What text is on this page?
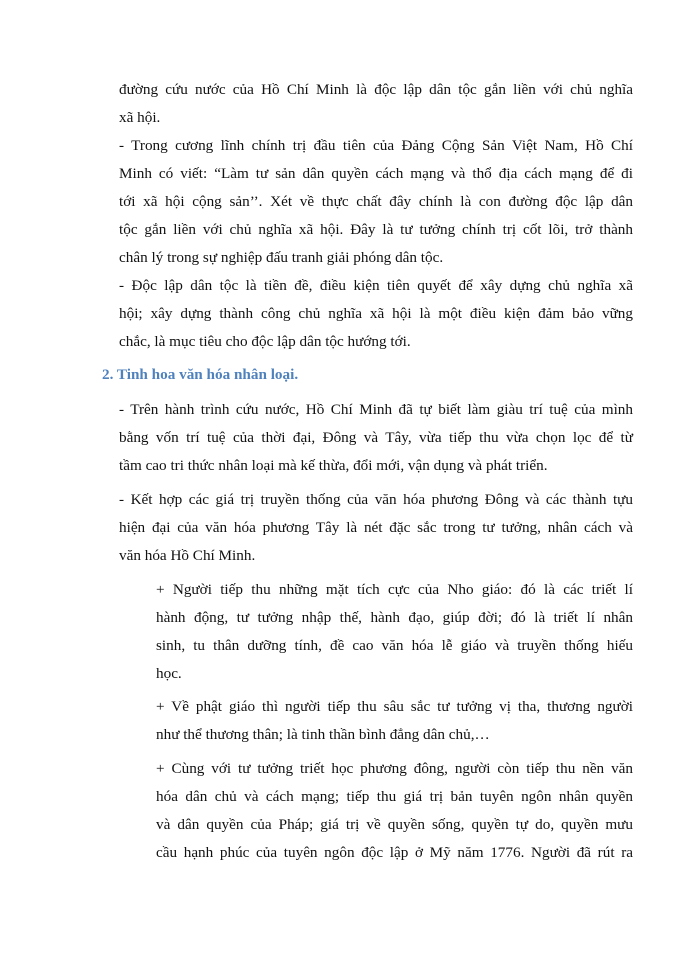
đường cứu nước của Hồ Chí Minh là độc lập dân tộc gắn liền với chủ nghĩa
xã hội.
- Trong cương lĩnh chính trị đầu tiên của Đảng Cộng Sản Việt Nam, Hồ Chí
Minh có viết: “Làm tư sản dân quyền cách mạng và thổ địa cách mạng để đi
tới xã hội cộng sản’’. Xét về thực chất đây chính là con đường độc lập dân
tộc gắn liền với chủ nghĩa xã hội. Đây là tư tưởng chính trị cốt lõi, trở thành
chân lý trong sự nghiệp đấu tranh giải phóng dân tộc.
- Độc lập dân tộc là tiền đề, điều kiện tiên quyết để xây dựng chủ nghĩa xã
hội; xây dựng thành công chủ nghĩa xã hội là một điều kiện đảm bảo vững
chắc, là mục tiêu cho độc lập dân tộc hướng tới.
2. Tinh hoa văn hóa nhân loại.
- Trên hành trình cứu nước, Hồ Chí Minh đã tự biết làm giàu trí tuệ của mình
bằng vốn trí tuệ của thời đại, Đông và Tây, vừa tiếp thu vừa chọn lọc để từ
tầm cao tri thức nhân loại mà kế thừa, đổi mới, vận dụng và phát triển.
- Kết hợp các giá trị truyền thống của văn hóa phương Đông và các thành tựu
hiện đại của văn hóa phương Tây là nét đặc sắc trong tư tưởng, nhân cách và
văn hóa Hồ Chí Minh.
+ Người tiếp thu những mặt tích cực của Nho giáo: đó là các triết lí
hành động, tư tưởng nhập thế, hành đạo, giúp đời; đó là triết lí nhân
sinh, tu thân dưỡng tính, đề cao văn hóa lễ giáo và truyền thống hiếu
học.
+ Về phật giáo thì người tiếp thu sâu sắc tư tưởng vị tha, thương người
như thể thương thân; là tinh thần bình đẳng dân chủ,…
+ Cùng với tư tưởng triết học phương đông, người còn tiếp thu nền văn
hóa dân chủ và cách mạng; tiếp thu giá trị bản tuyên ngôn nhân quyền
và dân quyền của Pháp; giá trị về quyền sống, quyền tự do, quyền mưu
cầu hạnh phúc của tuyên ngôn độc lập ở Mỹ năm 1776. Người đã rút ra
